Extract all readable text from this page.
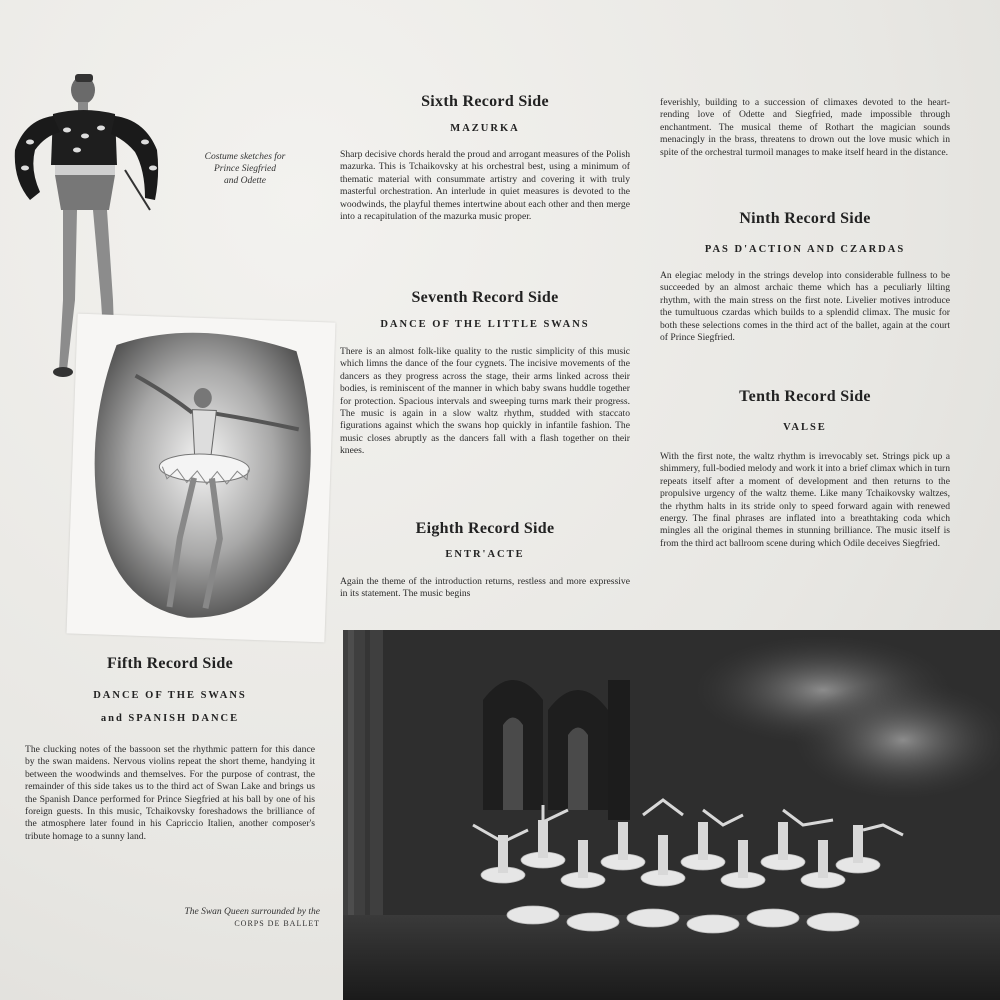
Costume sketches for
Prince Siegfried
and Odette
Sixth Record Side
MAZURKA

Sharp decisive chords herald the proud and arrogant measures of the Polish mazurka. This is Tchaikovsky at his orchestral best, using a minimum of thematic material with consummate artistry and covering it with truly masterful orchestration. An interlude in quiet measures is devoted to the woodwinds, the playful themes intertwine about each other and then merge into a recapitulation of the mazurka music proper.

Seventh Record Side
DANCE OF THE LITTLE SWANS

There is an almost folk-like quality to the rustic simplicity of this music which limns the dance of the four cygnets. The incisive movements of the dancers as they progress across the stage, their arms linked across their bodies, is reminiscent of the manner in which baby swans huddle together for protection. Spacious intervals and sweeping turns mark their progress. The music is again in a slow waltz rhythm, studded with staccato figurations against which the swans hop quickly in infantile fashion. The music closes abruptly as the dancers fall with a flash together on their knees.

Eighth Record Side
ENTR'ACTE

Again the theme of the introduction returns, restless and more expressive in its statement. The music begins

feverishly, building to a succession of climaxes devoted to the heart-rending love of Odette and Siegfried, made impossible through enchantment. The musical theme of Rothart the magician sounds menacingly in the brass, threatens to drown out the love music which in spite of the orchestral turmoil manages to make itself heard in the distance.

Ninth Record Side
PAS D'ACTION AND CZARDAS

An elegiac melody in the strings develop into considerable fullness to be succeeded by an almost archaic theme which has a peculiarly lilting rhythm, with the main stress on the first note. Livelier motives introduce the tumultuous czardas which builds to a splendid climax. The music for both these selections comes in the third act of the ballet, again at the court of Prince Siegfried.

Tenth Record Side
VALSE

With the first note, the waltz rhythm is irrevocably set. Strings pick up a shimmery, full-bodied melody and work it into a brief climax which in turn repeats itself after a moment of development and then returns to the propulsive urgency of the waltz theme. Like many Tchaikovsky waltzes, the rhythm halts in its stride only to speed forward again with renewed energy. The final phrases are inflated into a breathtaking coda which mingles all the original themes in stunning brilliance. The music itself is from the third act ballroom scene during which Odile deceives Siegfried.

Fifth Record Side
DANCE OF THE SWANS
and SPANISH DANCE

The clucking notes of the bassoon set the rhythmic pattern for this dance by the swan maidens. Nervous violins repeat the short theme, handying it between the woodwinds and themselves. For the purpose of contrast, the remainder of this side takes us to the third act of Swan Lake and brings us the Spanish Dance performed for Prince Siegfried at his ball by one of his foreign guests. In this music, Tchaikovsky foreshadows the brilliance of the atmosphere later found in his Capriccio Italien, another composer's tribute homage to a sunny land.

The Swan Queen surrounded by the
CORPS DE BALLET
